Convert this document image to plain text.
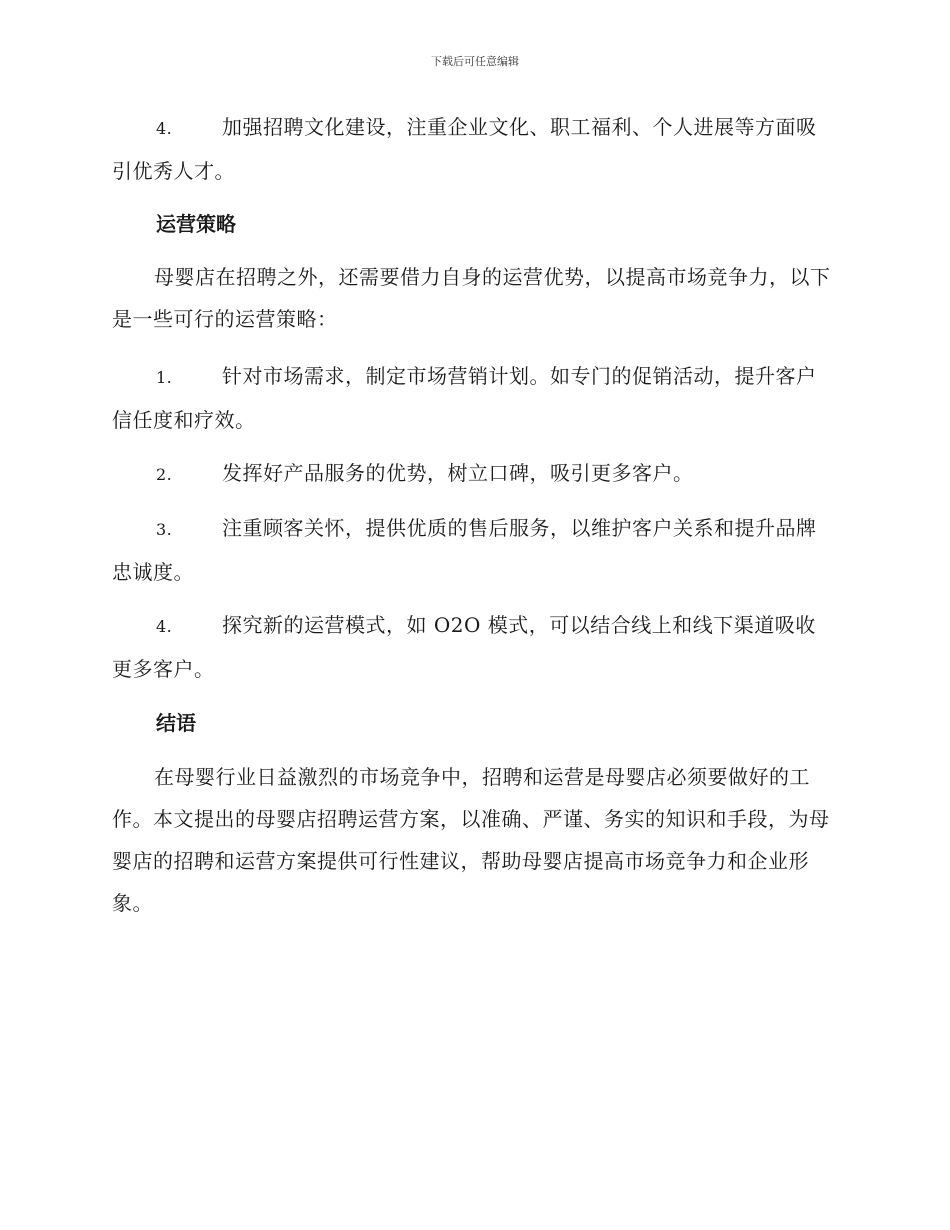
下载后可任意编辑
4. 加强招聘文化建设，注重企业文化、职工福利、个人进展等方面吸引优秀人才。
运营策略
母婴店在招聘之外，还需要借力自身的运营优势，以提高市场竞争力，以下是一些可行的运营策略：
1. 针对市场需求，制定市场营销计划。如专门的促销活动，提升客户信任度和疗效。
2. 发挥好产品服务的优势，树立口碑，吸引更多客户。
3. 注重顾客关怀，提供优质的售后服务，以维护客户关系和提升品牌忠诚度。
4. 探究新的运营模式，如 O2O 模式，可以结合线上和线下渠道吸收更多客户。
结语
在母婴行业日益激烈的市场竞争中，招聘和运营是母婴店必须要做好的工作。本文提出的母婴店招聘运营方案，以准确、严谨、务实的知识和手段，为母婴店的招聘和运营方案提供可行性建议，帮助母婴店提高市场竞争力和企业形象。
